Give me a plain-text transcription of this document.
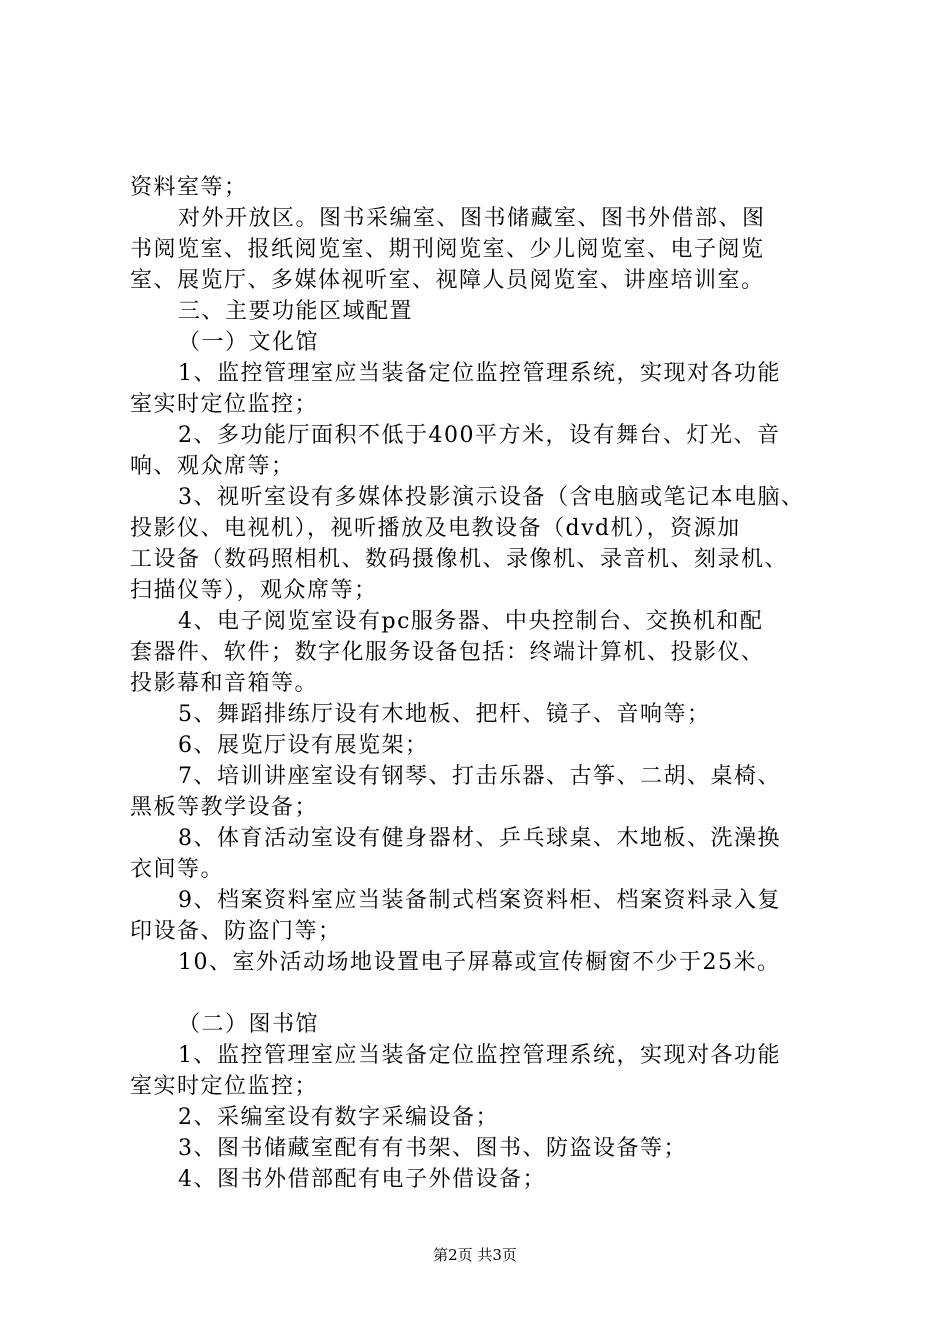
资料室等；
对外开放区。图书采编室、图书储藏室、图书外借部、图
书阅览室、报纸阅览室、期刊阅览室、少儿阅览室、电子阅览
室、展览厅、多媒体视听室、视障人员阅览室、讲座培训室。
三、主要功能区域配置
（一）文化馆
1、监控管理室应当装备定位监控管理系统，实现对各功能
室实时定位监控；
2、多功能厅面积不低于400平方米，设有舞台、灯光、音
响、观众席等；
3、视听室设有多媒体投影演示设备（含电脑或笔记本电脑、
投影仪、电视机），视听播放及电教设备（dvd机），资源加
工设备（数码照相机、数码摄像机、录像机、录音机、刻录机、
扫描仪等），观众席等；
4、电子阅览室设有pc服务器、中央控制台、交换机和配
套器件、软件；数字化服务设备包括：终端计算机、投影仪、
投影幕和音箱等。
5、舞蹈排练厅设有木地板、把杆、镜子、音响等；
6、展览厅设有展览架；
7、培训讲座室设有钢琴、打击乐器、古筝、二胡、桌椅、
黑板等教学设备；
8、体育活动室设有健身器材、乒乓球桌、木地板、洗澡换
衣间等。
9、档案资料室应当装备制式档案资料柜、档案资料录入复
印设备、防盗门等；
10、室外活动场地设置电子屏幕或宣传橱窗不少于25米。
（二）图书馆
1、监控管理室应当装备定位监控管理系统，实现对各功能
室实时定位监控；
2、采编室设有数字采编设备；
3、图书储藏室配有有书架、图书、防盗设备等；
4、图书外借部配有电子外借设备；
第2页 共3页
